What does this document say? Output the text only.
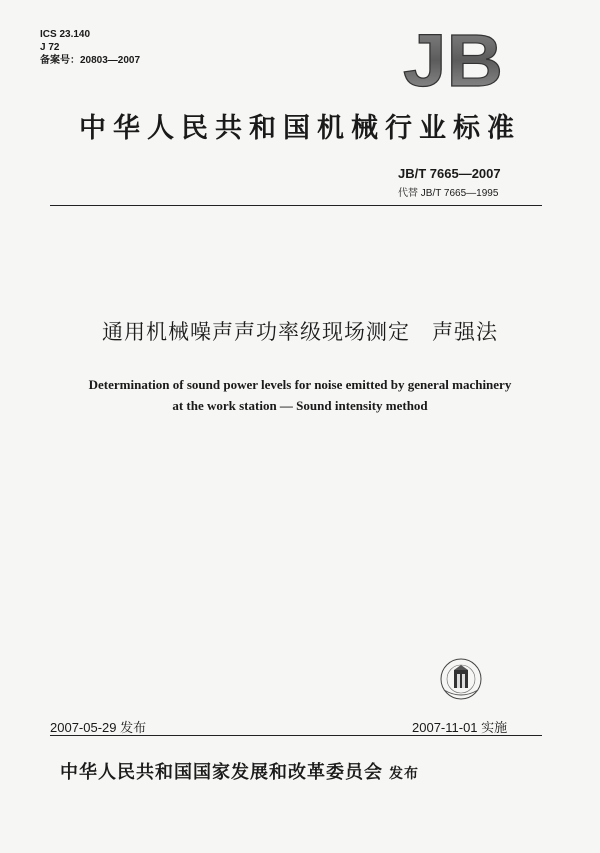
ICS 23.140
J 72
备案号：20803—2007	JB
中华人民共和国机械行业标准
JB/T 7665—2007
代替 JB/T 7665—1995
通用机械噪声声功率级现场测定　声强法
Determination of sound power levels for noise emitted by general machinery
at the work station — Sound intensity method
2007-05-29 发布	2007-11-01 实施
中华人民共和国国家发展和改革委员会 发布
